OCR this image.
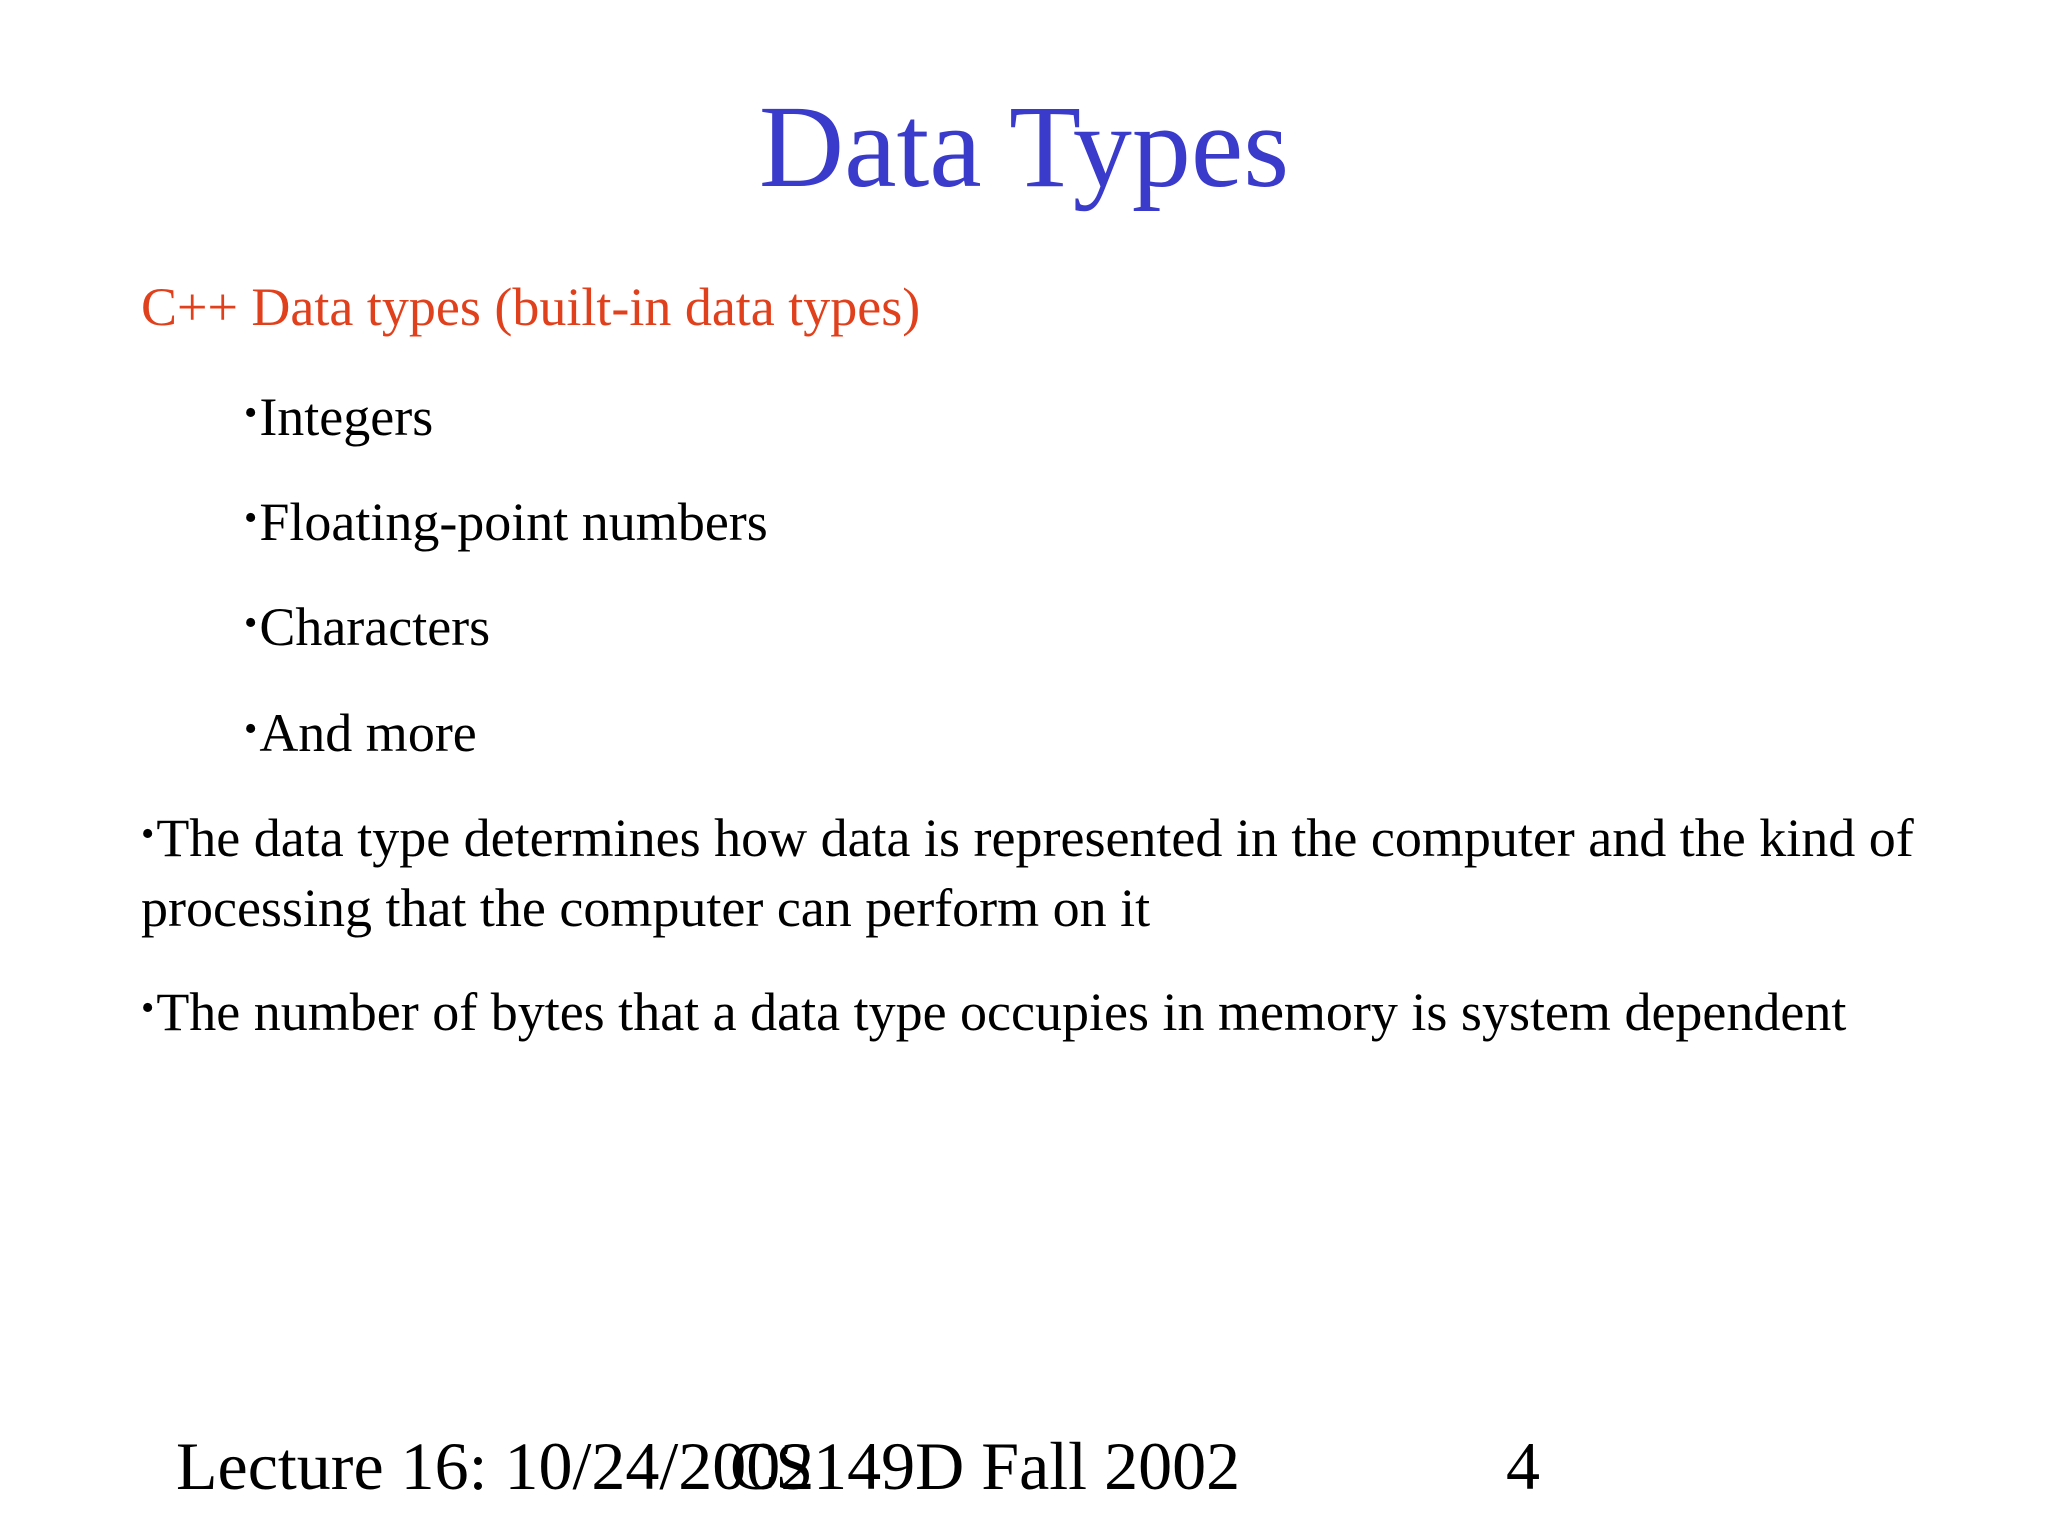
Data Types
C++ Data types (built-in data types)
•Integers
•Floating-point numbers
•Characters
•And more
•The data type determines how data is represented in the computer and the kind of processing that the computer can perform on it
•The number of bytes that a data type occupies in memory is system dependent
Lecture 16: 10/24/2002
CS149D Fall 2002	4
